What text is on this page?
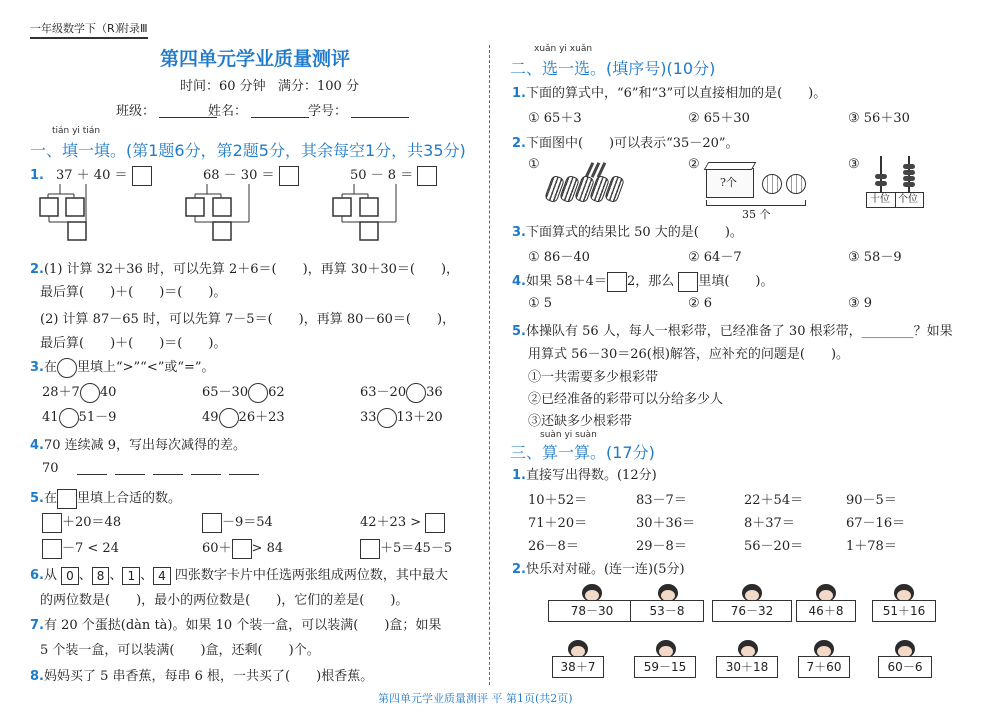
一年级数学下（R）
附录Ⅲ
第四单元学业质量测评
时间：60 分钟 满分：100 分
班级：	姓名：	学号：
tián yi tián
一、填一填。(第1题6分，第2题5分，其余每空1分，共35分)
1. 37 ＋ 40 ＝	68 － 30 ＝	50 － 8 ＝
2.(1) 计算 32＋36 时，可以先算 2＋6＝(　　)，再算 30＋30＝(　　)，
最后算(　　)＋(　　)＝(　　)。
(2) 计算 87－65 时，可以先算 7－5＝(　　)，再算 80－60＝(　　)，
最后算(　　)＋(　　)＝(　　)。
3.在 里填上“>”“<”或“=”。
28＋7 40	65－30 62	63－20 36
41 51－9	49 26＋23	33 13＋20
4.70 连续减 9，写出每次减得的差。
70
5.在 里填上合适的数。
＋20＝48	－9＝54	42＋23 >
－7 < 24	60＋ > 84	＋5＝45－5
6.从 0 、 8 、 1 、 4 四张数字卡片中任选两张组成两位数，其中最大
的两位数是(　　)，最小的两位数是(　　)，它们的差是(　　)。
7.有 20 个蛋挞(dàn tà)。如果 10 个装一盒，可以装满(　　)盒；如果
5 个装一盒，可以装满(　　)盒，还剩(　　)个。
8.妈妈买了 5 串香蕉，每串 6 根，一共买了(　　)根香蕉。
xuǎn yi xuǎn
二、选一选。(填序号)(10分)
1.下面的算式中，“6”和“3”可以直接相加的是(　　)。
① 65＋3	② 65＋30	③ 56＋30
2.下面图中(　　)可以表示“35－20”。
①	②
?个
35 个
③
十位 个位
3.下面算式的结果比 50 大的是(　　)。
① 86－40	② 64－7	③ 58－9
4.如果 58＋4＝ 2，那么 里填(　　)。
① 5	② 6	③ 9
5.体操队有 56 人，每人一根彩带，已经准备了 30 根彩带，________？如果
用算式 56－30＝26(根)解答，应补充的问题是(　　)。
①一共需要多少根彩带
②已经准备的彩带可以分给多少人
③还缺多少根彩带
suàn yi suàn
三、算一算。(17分)
1.直接写出得数。(12分)
10＋52＝	83－7＝	22＋54＝	90－5＝
71＋20＝	30＋36＝	8＋37＝	67－16＝
26－8＝	29－8＝	56－20＝	1＋78＝
2.快乐对对碰。(连一连)(5分)
78－30	53－8	76－32	46＋8	51＋16
38＋7	59－15	30＋18	7＋60	60－6
第四单元学业质量测评 平 第1页(共2页)
